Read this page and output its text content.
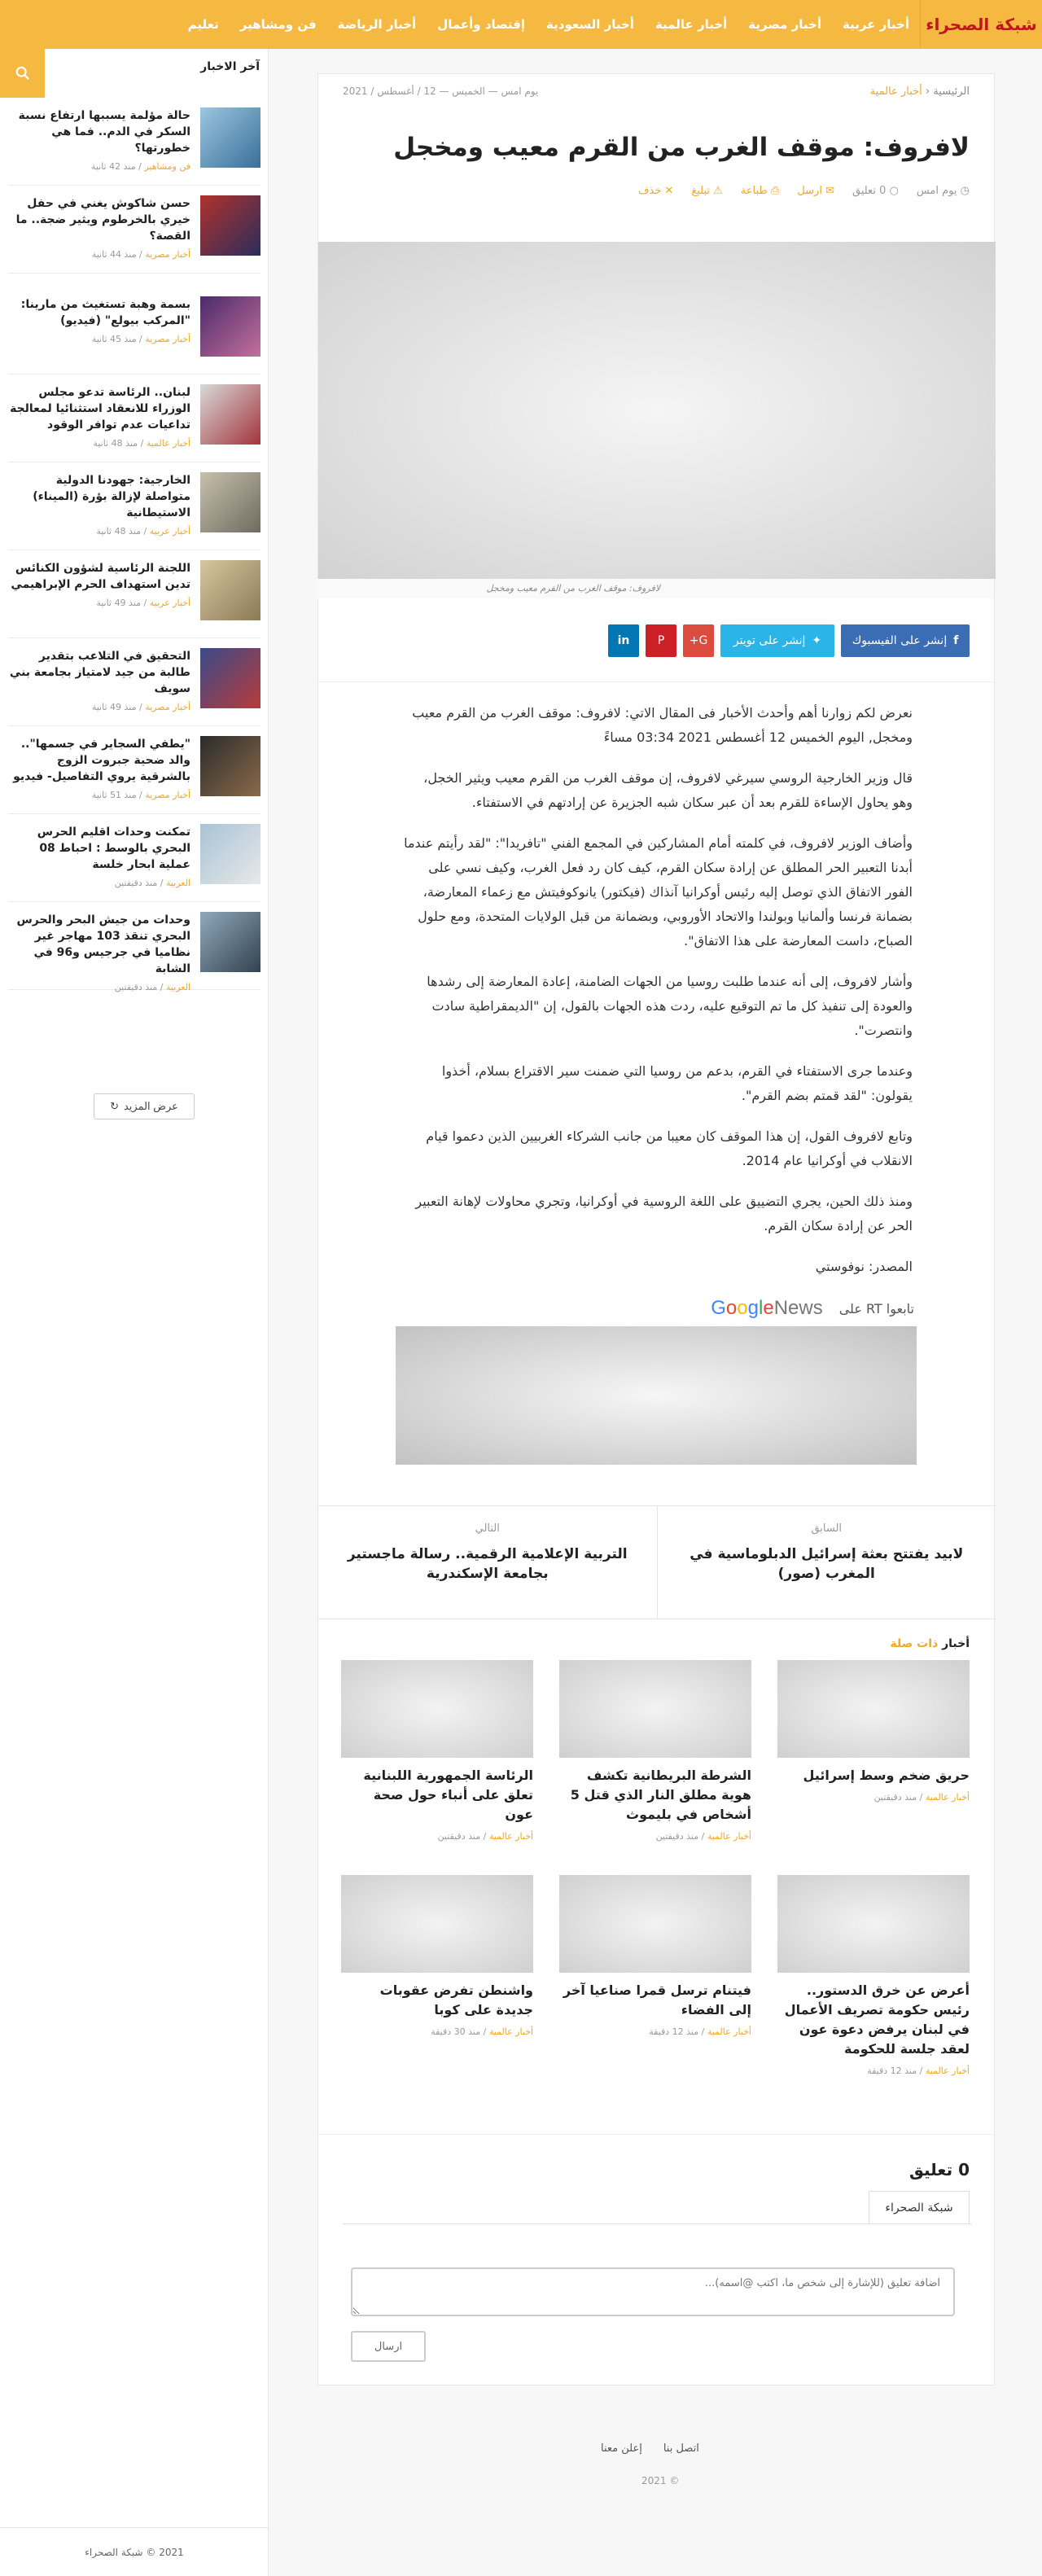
شبكة الصحراء
أخبار عربية
أخبار مصرية
أخبار عالمية
أخبار السعودية
إقتصاد وأعمال
أخبار الرياضة
فن ومشاهير
تعليم
آخر الاخبار
حالة مؤلمة يسببها ارتفاع نسبة السكر في الدم.. فما هي خطورتها؟
فن ومشاهير / منذ 42 ثانية
حسن شاكوش يغني في حفل خيري بالخرطوم ويثير ضجة.. ما القصة؟
أخبار مصرية / منذ 44 ثانية
بسمة وهبة تستغيث من مارينا: "المركب بيولع" (فيديو)
أخبار مصرية / منذ 45 ثانية
لبنان.. الرئاسة تدعو مجلس الوزراء للانعقاد استثنائيا لمعالجة تداعيات عدم توافر الوقود
أخبار عالمية / منذ 48 ثانية
الخارجية: جهودنا الدولية متواصلة لإزالة بؤرة (الميناء) الاستيطانية
أخبار عربية / منذ 48 ثانية
اللجنة الرئاسية لشؤون الكنائس تدين استهداف الحرم الإبراهيمي
أخبار عربية / منذ 49 ثانية
التحقيق في التلاعب بتقدير طالبة من جيد لامتياز بجامعة بني سويف
أخبار مصرية / منذ 49 ثانية
"يطفي السجاير في جسمها".. والد ضحية جبروت الزوج بالشرقية يروي التفاصيل- فيديو
أخبار مصرية / منذ 51 ثانية
تمكنت وحدات اقليم الحرس البحري بالوسط : احباط 08 عملية ابحار خلسة
العربية / منذ دقيقتين
وحدات من جيش البحر والحرس البحري تنقذ 103 مهاجر غير نظاميا في جرجيس و96 في الشابة
العربية / منذ دقيقتين
عرض المزيد
↻
2021 © شبكة الصحراء
الرئيسية ‹ أخبار عالمية
يوم امس — الخميس — 12 / أغسطس / 2021
لافروف: موقف الغرب من القرم معيب ومخجل
◷ يوم امس
○ 0 تعليق
✉ ارسل
⎙ طباعة
⚠ تبليغ
✕ خذف
لافروف: موقف الغرب من القرم معيب ومخجل
f
إنشر على الفيسبوك
✦
إنشر على تويتر
G+
P
in

نعرض لكم زوارنا أهم وأحدث الأخبار فى المقال الاتي: لافروف: موقف الغرب من القرم معيب ومخجل, اليوم الخميس 12 أغسطس 2021 03:34 مساءً

قال وزير الخارجية الروسي سيرغي لافروف، إن موقف الغرب من القرم معيب ويثير الخجل، وهو يحاول الإساءة للقرم بعد أن عبر سكان شبه الجزيرة عن إرادتهم في الاستفتاء.

وأضاف الوزير لافروف، في كلمته أمام المشاركين في المجمع الفني "تافريدا": "لقد رأيتم عندما أبدنا التعبير الحر المطلق عن إرادة سكان القرم، كيف كان رد فعل الغرب، وكيف نسي على الفور الاتفاق الذي توصل إليه رئيس أوكرانيا آنذاك (فيكتور) يانوكوفيتش مع زعماء المعارضة، بضمانة فرنسا وألمانيا وبولندا والاتحاد الأوروبي، وبضمانة من قبل الولايات المتحدة، ومع حلول الصباح، داست المعارضة على هذا الاتفاق".

وأشار لافروف، إلى أنه عندما طلبت روسيا من الجهات الضامنة، إعادة المعارضة إلى رشدها والعودة إلى تنفيذ كل ما تم التوقيع عليه، ردت هذه الجهات بالقول، إن "الديمقراطية سادت وانتصرت".

وعندما جرى الاستفتاء في القرم، بدعم من روسيا التي ضمنت سير الاقتراع بسلام، أخذوا يقولون: "لقد قمتم بضم القرم".

وتابع لافروف القول، إن هذا الموقف كان معيبا من جانب الشركاء الغربيين الذين دعموا قيام الانقلاب في أوكرانيا عام 2014.

ومنذ ذلك الحين، يجري التضييق على اللغة الروسية في أوكرانيا، وتجري محاولات لإهانة التعبير الحر عن إرادة سكان القرم.

المصدر: نوفوستي

تابعوا RT على
GoogleNews
السابق
لابيد يفتتح بعثة إسرائيل الدبلوماسية في المغرب (صور)
التالي
التربية الإعلامية الرقمية.. رسالة ماجستير بجامعة الإسكندرية
أخبار ذات صلة
حريق ضخم وسط إسرائيل
أخبار عالمية / منذ دقيقتين
الشرطة البريطانية تكشف هوية مطلق النار الذي قتل 5 أشخاص في بليموث
أخبار عالمية / منذ دقيقتين
الرئاسة الجمهورية اللبنانية تعلق على أنباء حول صحة عون
أخبار عالمية / منذ دقيقتين
أعرض عن خرق الدستور.. رئيس حكومة تصريف الأعمال في لبنان يرفض دعوة عون لعقد جلسة للحكومة
أخبار عالمية / منذ 12 دقيقة
فيتنام ترسل قمرا صناعيا آخر إلى الفضاء
أخبار عالمية / منذ 12 دقيقة
واشنطن تفرض عقوبات جديدة على كوبا
أخبار عالمية / منذ 30 دقيقة
0 تعليق
شبكة الصحراء
اضافة تعليق (للإشارة إلى شخص ما، اكتب @اسمه)...
ارسال
اتصل بنا
إعلن معنا
© 2021
